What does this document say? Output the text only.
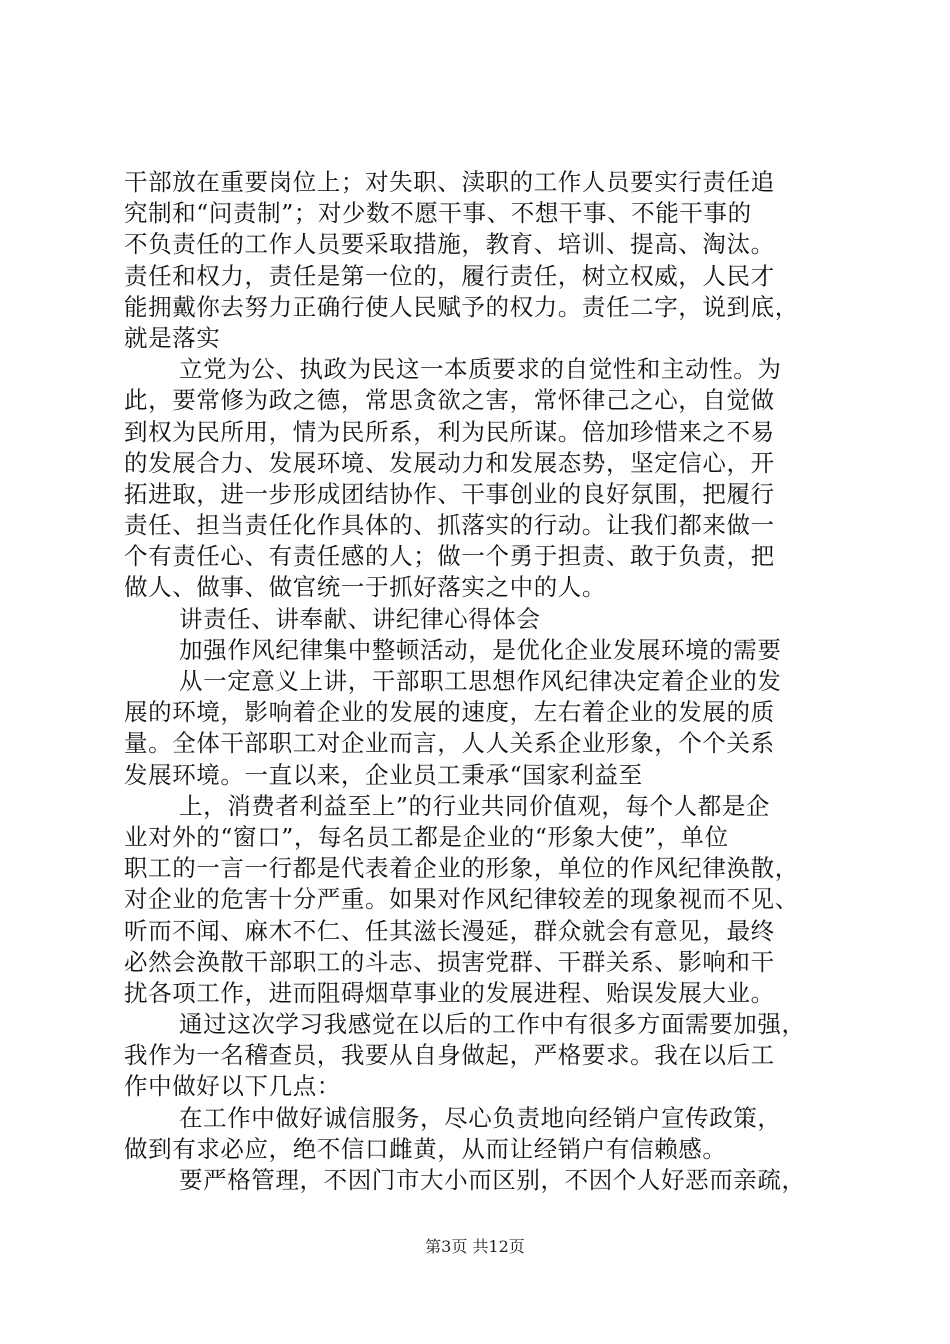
干部放在重要岗位上；对失职、渎职的工作人员要实行责任追
究制和“问责制”；对少数不愿干事、不想干事、不能干事的
不负责任的工作人员要采取措施，教育、培训、提高、淘汰。
责任和权力，责任是第一位的，履行责任，树立权威，人民才
能拥戴你去努力正确行使人民赋予的权力。责任二字，说到底，
就是落实
立党为公、执政为民这一本质要求的自觉性和主动性。为
此，要常修为政之德，常思贪欲之害，常怀律己之心，自觉做
到权为民所用，情为民所系，利为民所谋。倍加珍惜来之不易
的发展合力、发展环境、发展动力和发展态势，坚定信心，开
拓进取，进一步形成团结协作、干事创业的良好氛围，把履行
责任、担当责任化作具体的、抓落实的行动。让我们都来做一
个有责任心、有责任感的人；做一个勇于担责、敢于负责，把
做人、做事、做官统一于抓好落实之中的人。
讲责任、讲奉献、讲纪律心得体会
加强作风纪律集中整顿活动，是优化企业发展环境的需要
从一定意义上讲，干部职工思想作风纪律决定着企业的发
展的环境，影响着企业的发展的速度，左右着企业的发展的质
量。全体干部职工对企业而言，人人关系企业形象，个个关系
发展环境。一直以来，企业员工秉承“国家利益至
上，消费者利益至上”的行业共同价值观，每个人都是企
业对外的“窗口”，每名员工都是企业的“形象大使”，单位
职工的一言一行都是代表着企业的形象，单位的作风纪律涣散，
对企业的危害十分严重。如果对作风纪律较差的现象视而不见、
听而不闻、麻木不仁、任其滋长漫延，群众就会有意见，最终
必然会涣散干部职工的斗志、损害党群、干群关系、影响和干
扰各项工作，进而阻碍烟草事业的发展进程、贻误发展大业。
通过这次学习我感觉在以后的工作中有很多方面需要加强，
我作为一名稽查员，我要从自身做起，严格要求。我在以后工
作中做好以下几点：
在工作中做好诚信服务，尽心负责地向经销户宣传政策，
做到有求必应，绝不信口雌黄，从而让经销户有信赖感。
要严格管理，不因门市大小而区别，不因个人好恶而亲疏，
第3页 共12页
